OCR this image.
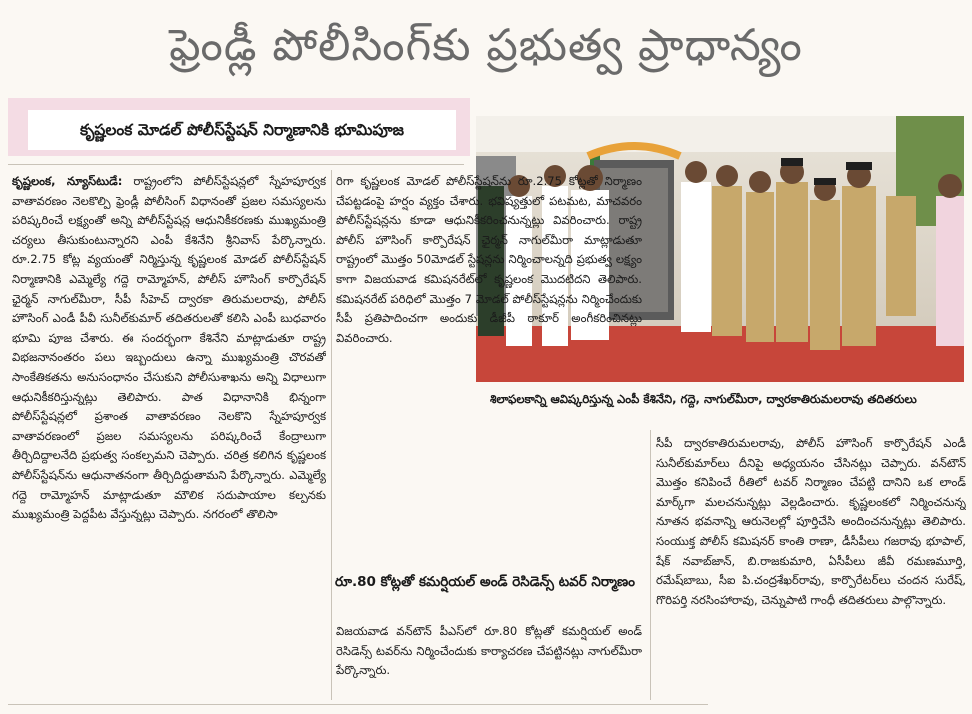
ఫ్రెండ్లీ పోలీసింగ్‌కు ప్రభుత్వ ప్రాధాన్యం
కృష్ణలంక మోడల్ పోలీస్‌స్టేషన్ నిర్మాణానికి భూమిపూజ
శిలాఫలకాన్ని ఆవిష్కరిస్తున్న ఎంపీ కేశినేని, గద్దె, నాగుల్‌మీరా, ద్వారకాతిరుమలరావు తదితరులు

కృష్ణలంక, న్యూస్‌టుడే: రాష్ట్రంలోని పోలీస్‌స్టేషన్లలో స్నేహపూర్వక వాతావరణం నెలకొల్పి ఫ్రెండ్లీ పోలీసింగ్ విధానంతో ప్రజల సమస్యలను పరిష్కరించే లక్ష్యంతో అన్ని పోలీస్‌స్టేషన్ల ఆధునికీకరణకు ముఖ్యమంత్రి చర్యలు తీసుకుంటున్నారని ఎంపీ కేశినేని శ్రీనివాస్ పేర్కొన్నారు. రూ.2.75 కోట్ల వ్యయంతో నిర్మిస్తున్న కృష్ణలంక మోడల్ పోలీస్‌స్టేషన్ నిర్మాణానికి ఎమ్మెల్యే గద్దె రామ్మోహన్, పోలీస్ హౌసింగ్ కార్పొరేషన్ ఛైర్మన్ నాగుల్‌మీరా, సీపీ సీహెచ్ ద్వారకా తిరుమలరావు, పోలీస్ హౌసింగ్ ఎండీ పీవీ సునీల్‌కుమార్ తదితరులతో కలిసి ఎంపీ బుధవారం భూమి పూజ చేశారు. ఈ సందర్భంగా కేశినేని మాట్లాడుతూ రాష్ట్ర విభజనానంతరం పలు ఇబ్బందులు ఉన్నా ముఖ్యమంత్రి చొరవతో సాంకేతికతను అనుసంధానం చేసుకుని పోలీసుశాఖను అన్ని విధాలుగా ఆధునికీకరిస్తున్నట్లు తెలిపారు. పాత విధానానికి భిన్నంగా పోలీస్‌స్టేషన్లలో ప్రశాంత వాతావరణం నెలకొని స్నేహపూర్వక వాతావరణంలో ప్రజల సమస్యలను పరిష్కరించే కేంద్రాలుగా తీర్చిదిద్దాలనేది ప్రభుత్వ సంకల్పమని చెప్పారు. చరిత్ర కలిగిన కృష్ణలంక పోలీస్‌స్టేషన్‌ను ఆధునాతనంగా తీర్చిదిద్దుతామని పేర్కొన్నారు. ఎమ్మెల్యే గద్దె రామ్మోహన్ మాట్లాడుతూ మౌలిక సదుపాయాల కల్పనకు ముఖ్యమంత్రి పెద్దపీట వేస్తున్నట్లు చెప్పారు. నగరంలో తొలిసా

రిగా కృష్ణలంక మోడల్ పోలీస్‌స్టేషన్‌ను రూ.2.75 కోట్లతో నిర్మాణం చేపట్టడంపై హర్షం వ్యక్తం చేశారు. భవిష్యత్తులో పటమట, మాచవరం పోలీస్‌స్టేషన్లను కూడా ఆధునికీకరించనున్నట్లు వివరించారు. రాష్ట్ర పోలీస్ హౌసింగ్ కార్పొరేషన్ ఛైర్మన్ నాగుల్‌మీరా మాట్లాడుతూ రాష్ట్రంలో మొత్తం 50మోడల్ స్టేషన్లను నిర్మించాలన్నది ప్రభుత్వ లక్ష్యం కాగా విజయవాడ కమిషనరేట్‌లో కృష్ణలంక మొదటిదని తెలిపారు. కమిషనరేట్ పరిధిలో మొత్తం 7 మోడల్ పోలీస్‌స్టేషన్లను నిర్మించేందుకు సీపీ ప్రతిపాదించగా అందుకు డీజీపీ ఠాకూర్ అంగీకరించినట్లు వివరించారు.

రూ.80 కోట్లతో కమర్షియల్ అండ్ రెసిడెన్స్ టవర్ నిర్మాణం

విజయవాడ వన్‌టౌన్ పీఎస్‌లో రూ.80 కోట్లతో కమర్షియల్ అండ్ రెసిడెన్స్ టవర్‌ను నిర్మించేందుకు కార్యాచరణ చేపట్టినట్లు నాగుల్‌మీరా పేర్కొన్నారు.

సీపీ ద్వారకాతిరుమలరావు, పోలీస్ హౌసింగ్ కార్పొరేషన్ ఎండీ సునీల్‌కుమార్‌లు దీనిపై అధ్యయనం చేసినట్లు చెప్పారు. వన్‌టౌన్ మొత్తం కనిపించే రీతిలో టవర్ నిర్మాణం చేపట్టి దానిని ఒక లాండ్ మార్క్‌గా మలచనున్నట్లు వెల్లడించారు. కృష్ణలంకలో నిర్మించనున్న నూతన భవనాన్ని ఆరునెలల్లో పూర్తిచేసి అందించనున్నట్లు తెలిపారు. సంయుక్త పోలీస్ కమిషనర్ కాంతి రాణా, డీసీపీలు గజరావు భూపాల్, షేక్ నవాబ్‌జాన్, బి.రాజకుమారి, ఏసీపీలు జీవీ రమణమూర్తి, రమేష్‌బాబు, సీఐ పి.చంద్రశేఖర్‌రావు, కార్పొరేటర్‌లు చందన సురేష్, గొరిపర్తి నరసింహారావు, చెన్నుపాటి గాంధీ తదితరులు పాల్గొన్నారు.
